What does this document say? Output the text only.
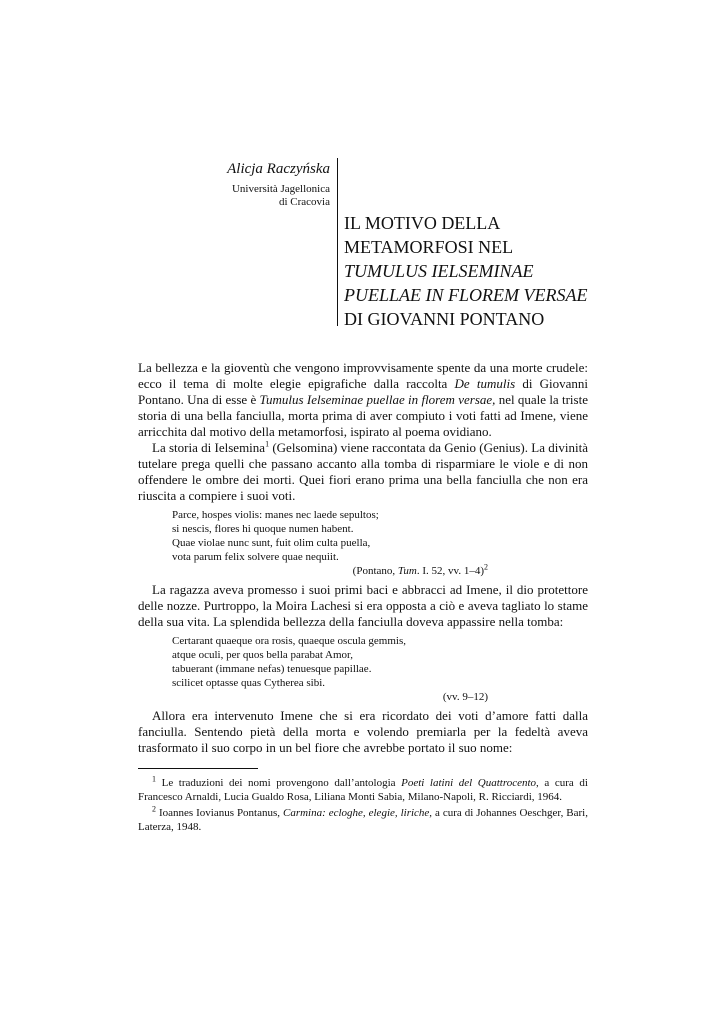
Alicja Raczyńska
Università Jagellonica
di Cracovia
IL MOTIVO DELLA
METAMORFOSI NEL
TUMULUS IELSEMINAE
PUELLAE IN FLOREM VERSAE
DI GIOVANNI PONTANO

La bellezza e la gioventù che vengono improvvisamente spente da una morte crudele: ecco il tema di molte elegie epigrafiche dalla raccolta De tumulis di Giovanni Pontano. Una di esse è Tumulus Ielseminae puellae in florem versae, nel quale la triste storia di una bella fanciulla, morta prima di aver compiuto i voti fatti ad Imene, viene arricchita dal motivo della metamorfosi, ispirato al poema ovidiano.

La storia di Ielsemina$^1$ (Gelsomina) viene raccontata da Genio (Genius). La divinità tutelare prega quelli che passano accanto alla tomba di risparmiare le viole e di non offendere le ombre dei morti. Quei fiori erano prima una bella fanciulla che non era riuscita a compiere i suoi voti.

Parce, hospes violis: manes nec laede sepultos;
si nescis, flores hi quoque numen habent.
Quae violae nunc sunt, fuit olim culta puella,
vota parum felix solvere quae nequiit.
(Pontano, Tum. I. 52, vv. 1–4)$^2$

La ragazza aveva promesso i suoi primi baci e abbracci ad Imene, il dio protettore delle nozze. Purtroppo, la Moira Lachesi si era opposta a ciò e aveva tagliato lo stame della sua vita. La splendida bellezza della fanciulla doveva appassire nella tomba:

Certarant quaeque ora rosis, quaeque oscula gemmis,
atque oculi, per quos bella parabat Amor,
tabuerant (immane nefas) tenuesque papillae.
scilicet optasse quas Cytherea sibi.
(vv. 9–12)

Allora era intervenuto Imene che si era ricordato dei voti d’amore fatti dalla fanciulla. Sentendo pietà della morta e volendo premiarla per la fedeltà aveva trasformato il suo corpo in un bel fiore che avrebbe portato il suo nome:

$^1$ Le traduzioni dei nomi provengono dall’antologia Poeti latini del Quattrocento, a cura di Francesco Arnaldi, Lucia Gualdo Rosa, Liliana Monti Sabia, Milano-Napoli, R. Ricciardi, 1964.

$^2$ Ioannes Iovianus Pontanus, Carmina: ecloghe, elegie, liriche, a cura di Johannes Oeschger, Bari, Laterza, 1948.
